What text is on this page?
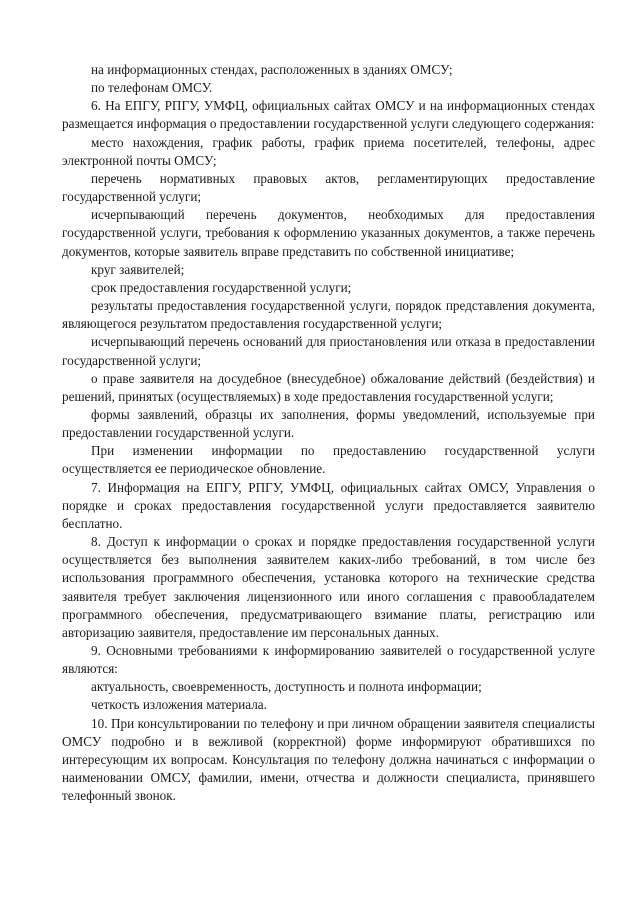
на информационных стендах, расположенных в зданиях ОМСУ;

по телефонам ОМСУ.

6. На ЕПГУ, РПГУ, УМФЦ, официальных сайтах ОМСУ и на информационных стендах размещается информация о предоставлении государственной услуги следующего содержания:

место нахождения, график работы, график приема посетителей, телефоны, адрес электронной почты ОМСУ;

перечень нормативных правовых актов, регламентирующих предоставление государственной услуги;

исчерпывающий перечень документов, необходимых для предоставления государственной услуги, требования к оформлению указанных документов, а также перечень документов, которые заявитель вправе представить по собственной инициативе;

круг заявителей;

срок предоставления государственной услуги;

результаты предоставления государственной услуги, порядок представления документа, являющегося результатом предоставления государственной услуги;

исчерпывающий перечень оснований для приостановления или отказа в предоставлении государственной услуги;

о праве заявителя на досудебное (внесудебное) обжалование действий (бездействия) и решений, принятых (осуществляемых) в ходе предоставления государственной услуги;

формы заявлений, образцы их заполнения, формы уведомлений, используемые при предоставлении государственной услуги.

При изменении информации по предоставлению государственной услуги осуществляется ее периодическое обновление.

7. Информация на ЕПГУ, РПГУ, УМФЦ, официальных сайтах ОМСУ, Управления о порядке и сроках предоставления государственной услуги предоставляется заявителю бесплатно.

8. Доступ к информации о сроках и порядке предоставления государственной услуги осуществляется без выполнения заявителем каких-либо требований, в том числе без использования программного обеспечения, установка которого на технические средства заявителя требует заключения лицензионного или иного соглашения с правообладателем программного обеспечения, предусматривающего взимание платы, регистрацию или авторизацию заявителя, предоставление им персональных данных.

9. Основными требованиями к информированию заявителей о государственной услуге являются:

актуальность, своевременность, доступность и полнота информации;

четкость изложения материала.

10. При консультировании по телефону и при личном обращении заявителя специалисты ОМСУ подробно и в вежливой (корректной) форме информируют обратившихся по интересующим их вопросам. Консультация по телефону должна начинаться с информации о наименовании ОМСУ, фамилии, имени, отчества и должности специалиста, принявшего телефонный звонок.
